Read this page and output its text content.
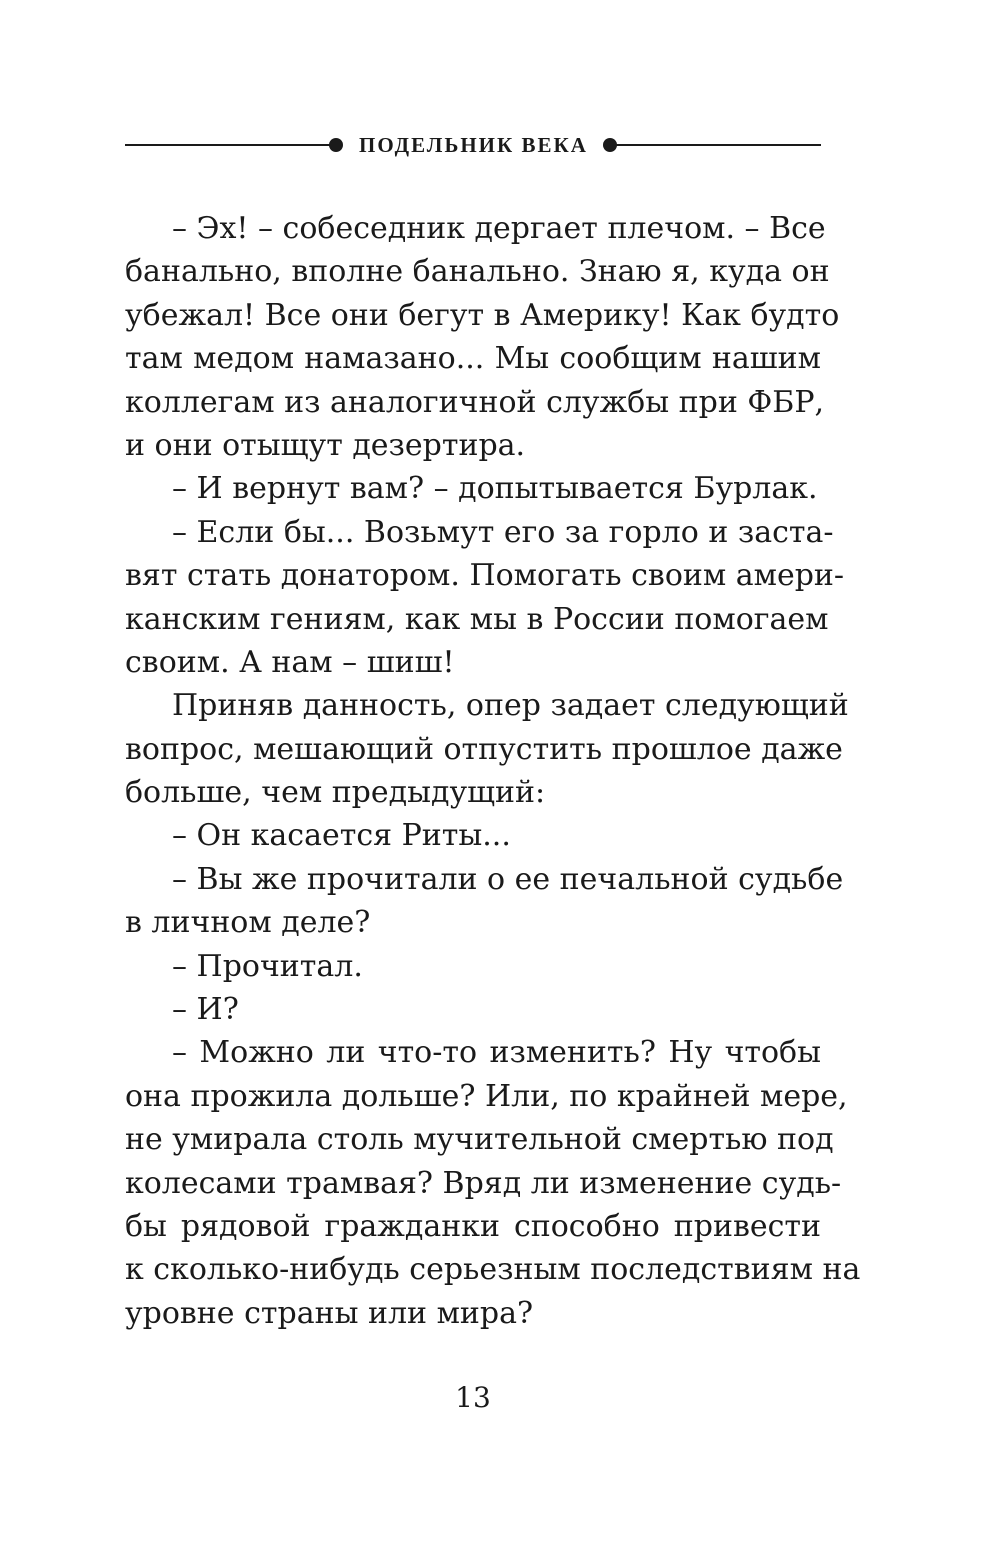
ПОДЕЛЬНИК ВЕКА
– Эх! – собеседник дергает плечом. – Все
банально, вполне банально. Знаю я, куда он
убежал! Все они бегут в Америку! Как будто
там медом намазано... Мы сообщим нашим
коллегам из аналогичной службы при ФБР,
и они отыщут дезертира.
– И вернут вам? – допытывается Бурлак.
– Если бы... Возьмут его за горло и заста-
вят стать донатором. Помогать своим амери-
канским гениям, как мы в России помогаем
своим. А нам – шиш!
Приняв данность, опер задает следующий
вопрос, мешающий отпустить прошлое даже
больше, чем предыдущий:
– Он касается Риты...
– Вы же прочитали о ее печальной судьбе
в личном деле?
– Прочитал.
– И?
– Можно ли что-то изменить? Ну чтобы
она прожила дольше? Или, по крайней мере,
не умирала столь мучительной смертью под
колесами трамвая? Вряд ли изменение судь-
бы рядовой гражданки способно привести
к сколько-нибудь серьезным последствиям на
уровне страны или мира?
13
